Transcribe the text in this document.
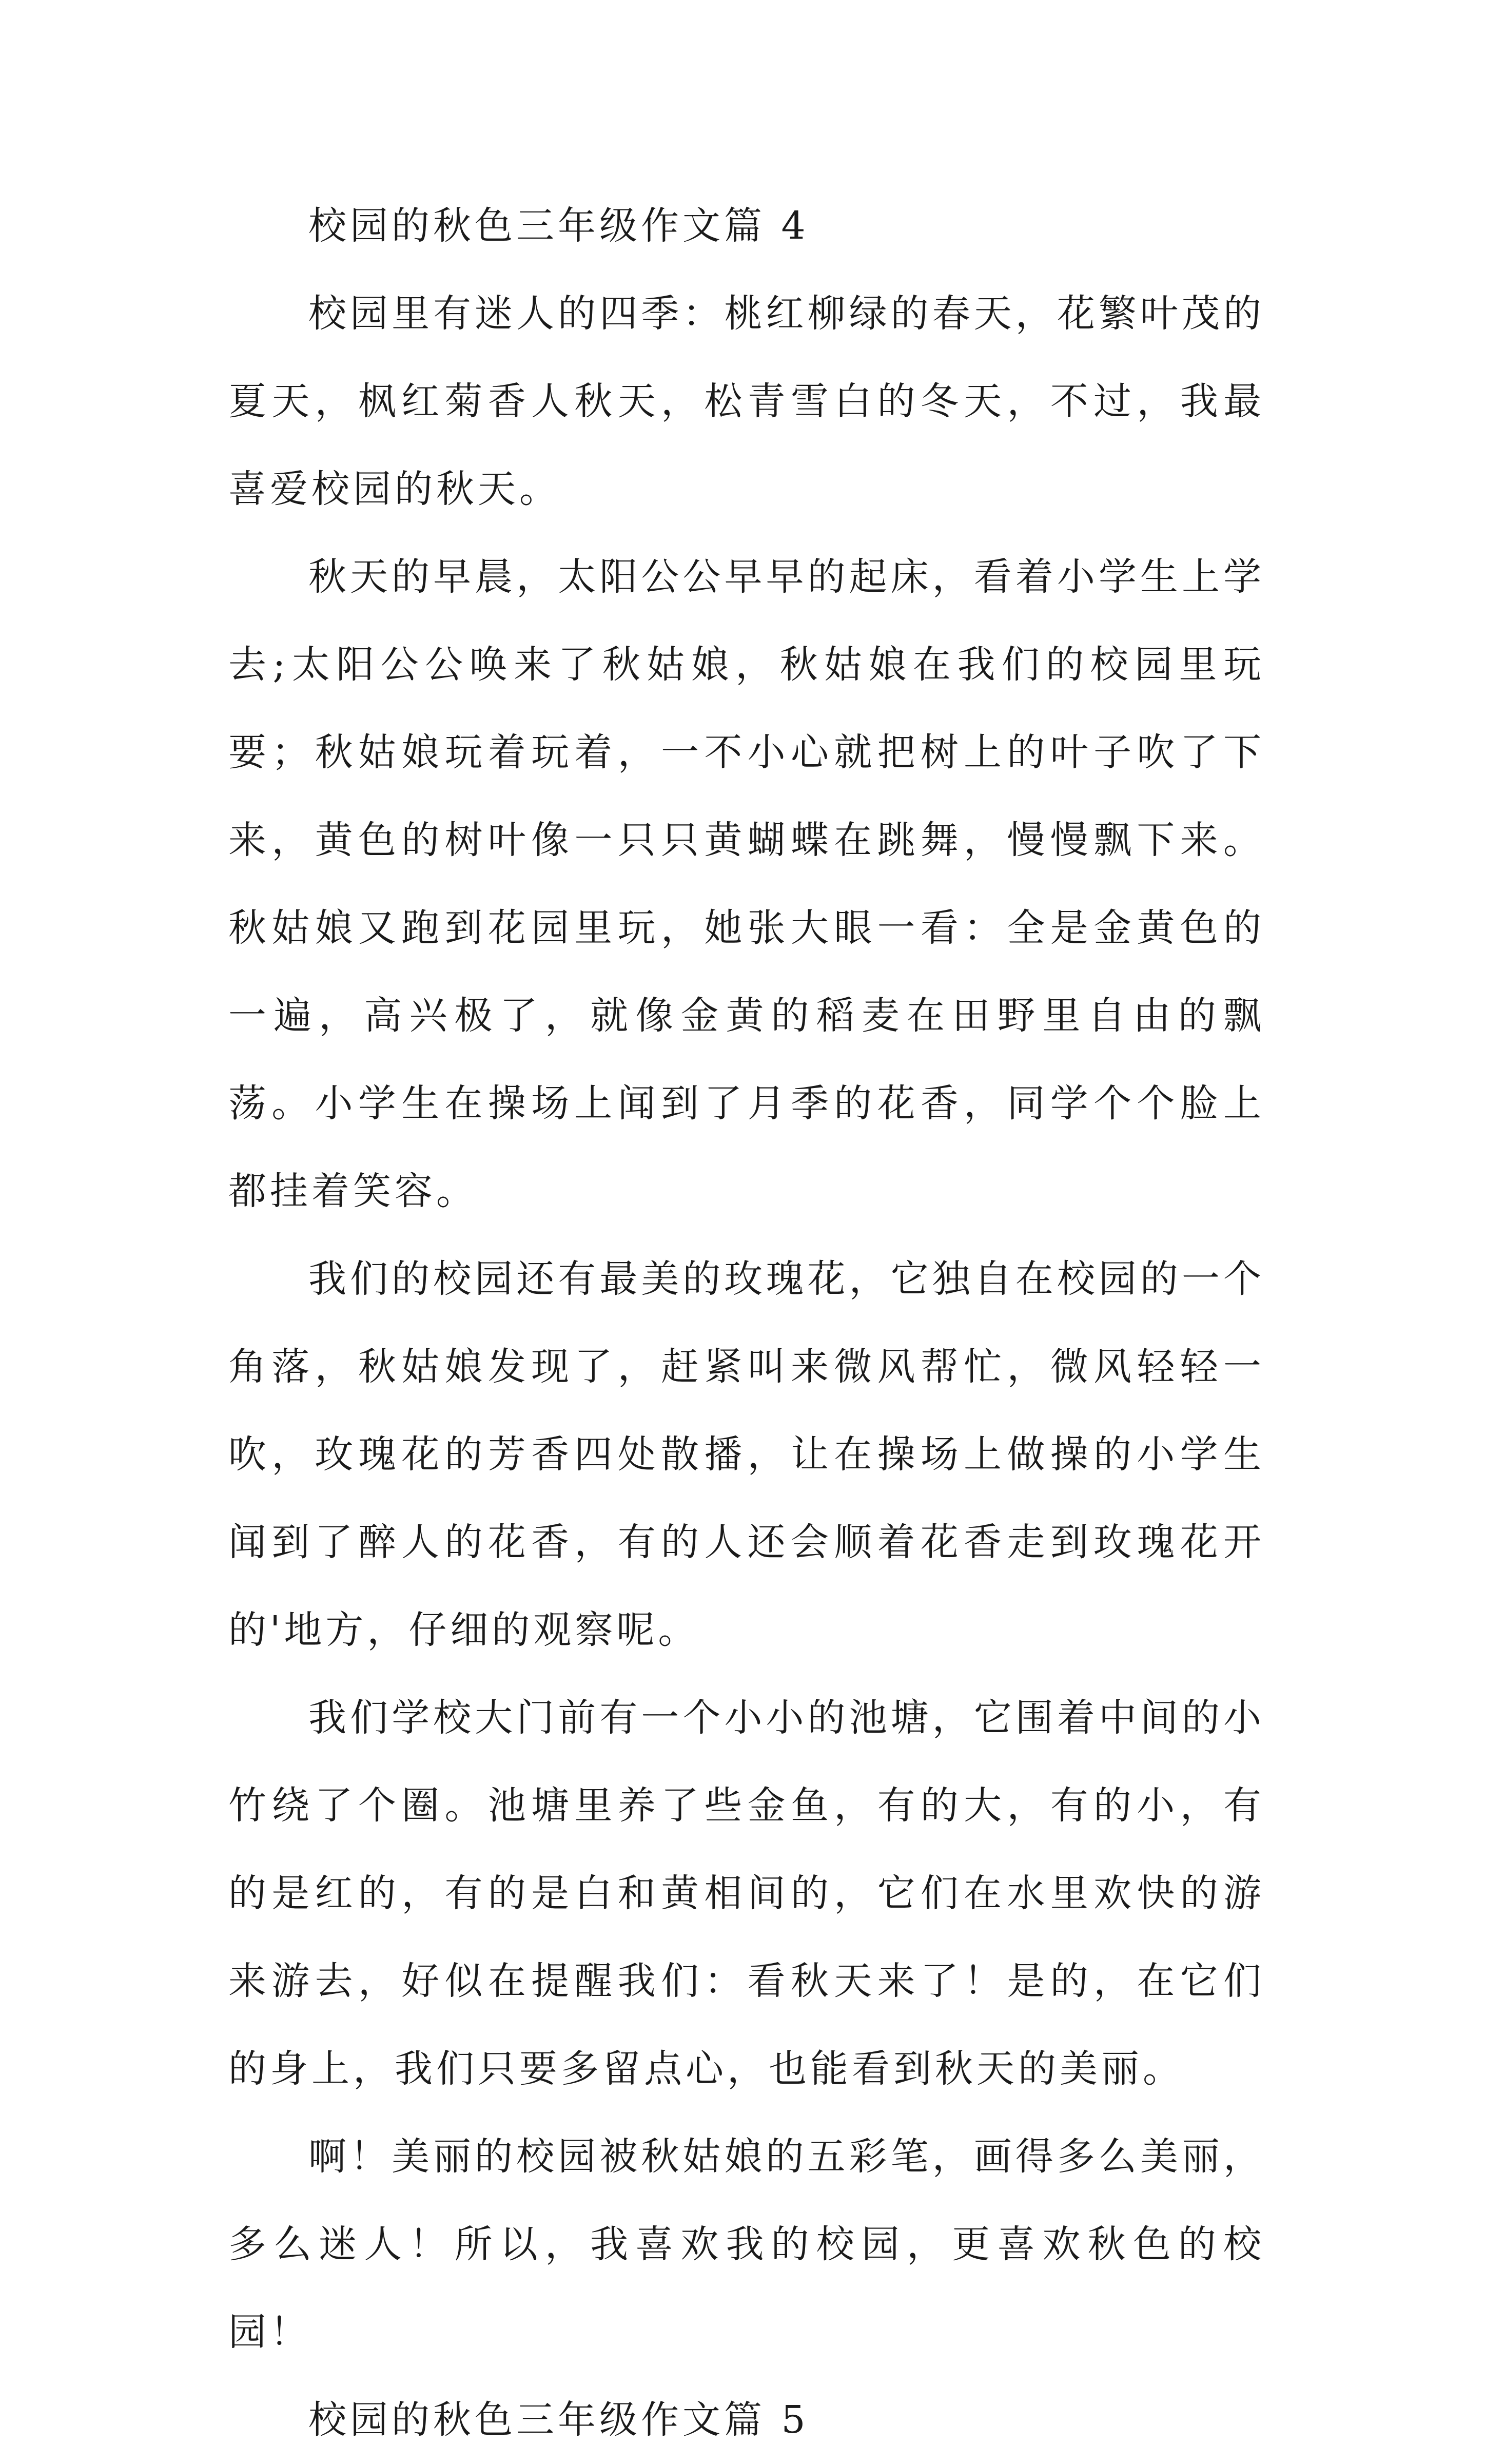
校园的秋色三年级作文篇 4

校园里有迷人的四季：桃红柳绿的春天，花繁叶茂的夏天，枫红菊香人秋天，松青雪白的冬天，不过，我最喜爱校园的秋天。

秋天的早晨，太阳公公早早的起床，看着小学生上学去;太阳公公唤来了秋姑娘，秋姑娘在我们的校园里玩要；秋姑娘玩着玩着，一不小心就把树上的叶子吹了下来，黄色的树叶像一只只黄蝴蝶在跳舞，慢慢飘下来。秋姑娘又跑到花园里玩，她张大眼一看：全是金黄色的一遍，高兴极了，就像金黄的稻麦在田野里自由的飘荡。小学生在操场上闻到了月季的花香，同学个个脸上都挂着笑容。

我们的校园还有最美的玫瑰花，它独自在校园的一个角落，秋姑娘发现了，赶紧叫来微风帮忙，微风轻轻一吹，玫瑰花的芳香四处散播，让在操场上做操的小学生闻到了醉人的花香，有的人还会顺着花香走到玫瑰花开的'地方，仔细的观察呢。

我们学校大门前有一个小小的池塘，它围着中间的小竹绕了个圈。池塘里养了些金鱼，有的大，有的小，有的是红的，有的是白和黄相间的，它们在水里欢快的游来游去，好似在提醒我们：看秋天来了！是的，在它们的身上，我们只要多留点心，也能看到秋天的美丽。

啊！美丽的校园被秋姑娘的五彩笔，画得多么美丽，多么迷人！所以，我喜欢我的校园，更喜欢秋色的校园！

校园的秋色三年级作文篇 5
